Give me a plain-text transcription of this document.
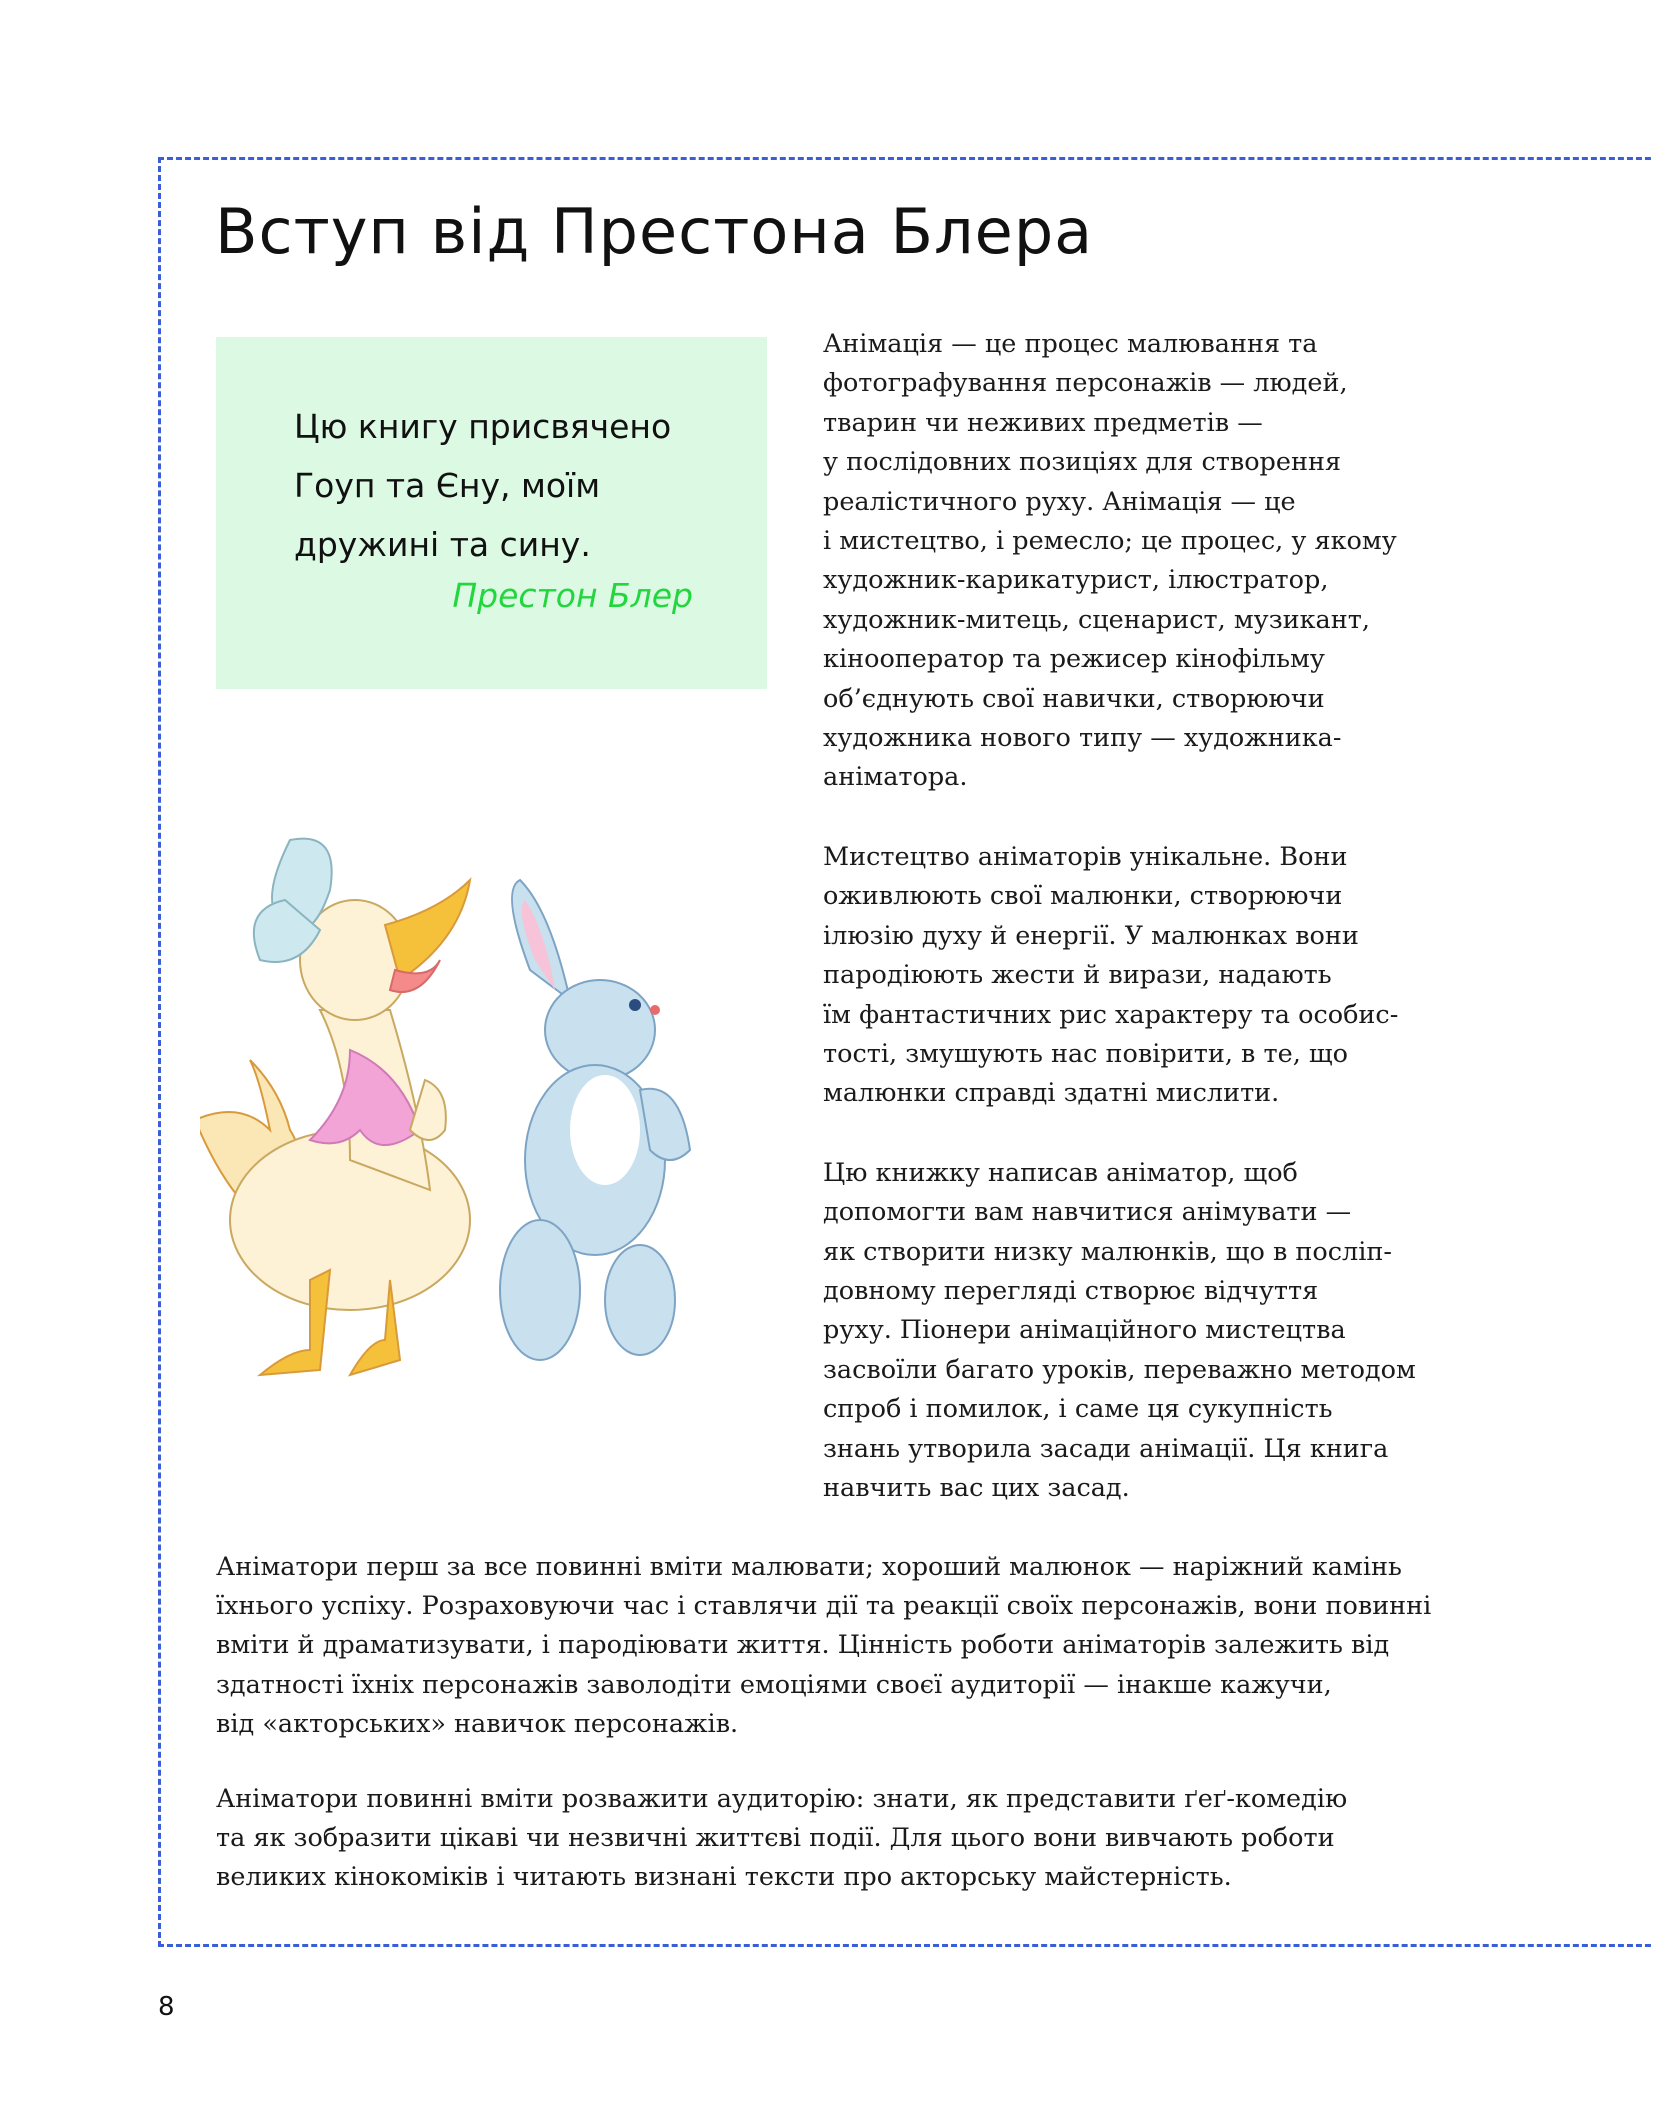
Вступ від Престона Блера
Цю книгу присвячено
Гоуп та Єну, моїм
дружині та сину.
Престон Блер

Анімація — це процес малювання та
фотографування персонажів — людей,
тварин чи неживих предметів —
у послідовних позиціях для створення
реалістичного руху. Анімація — це
і мистецтво, і ремесло; це процес, у якому
художник-карикатурист, ілюстратор,
художник-митець, сценарист, музикант,
кінооператор та режисер кінофільму
об’єднують свої навички, створюючи
художника нового типу — художника-
аніматора.

Мистецтво аніматорів унікальне. Вони
оживлюють свої малюнки, створюючи
ілюзію духу й енергії. У малюнках вони
пародіюють жести й вирази, надають
їм фантастичних рис характеру та особис-
тості, змушують нас повірити, в те, що
малюнки справді здатні мислити.

Цю книжку написав аніматор, щоб
допомогти вам навчитися анімувати —
як створити низку малюнків, що в посліп-
довному перегляді створює відчуття
руху. Піонери анімаційного мистецтва
засвоїли багато уроків, переважно методом
спроб і помилок, і саме ця сукупність
знань утворила засади анімації. Ця книга
навчить вас цих засад.

Аніматори перш за все повинні вміти малювати; хороший малюнок — наріжний камінь
їхнього успіху. Розраховуючи час і ставлячи дії та реакції своїх персонажів, вони повинні
вміти й драматизувати, і пародіювати життя. Цінність роботи аніматорів залежить від
здатності їхніх персонажів заволодіти емоціями своєї аудиторії — інакше кажучи,
від «акторських» навичок персонажів.

Аніматори повинні вміти розважити аудиторію: знати, як представити ґеґ-комедію
та як зобразити цікаві чи незвичні життєві події. Для цього вони вивчають роботи
великих кінокоміків і читають визнані тексти про акторську майстерність.

8
